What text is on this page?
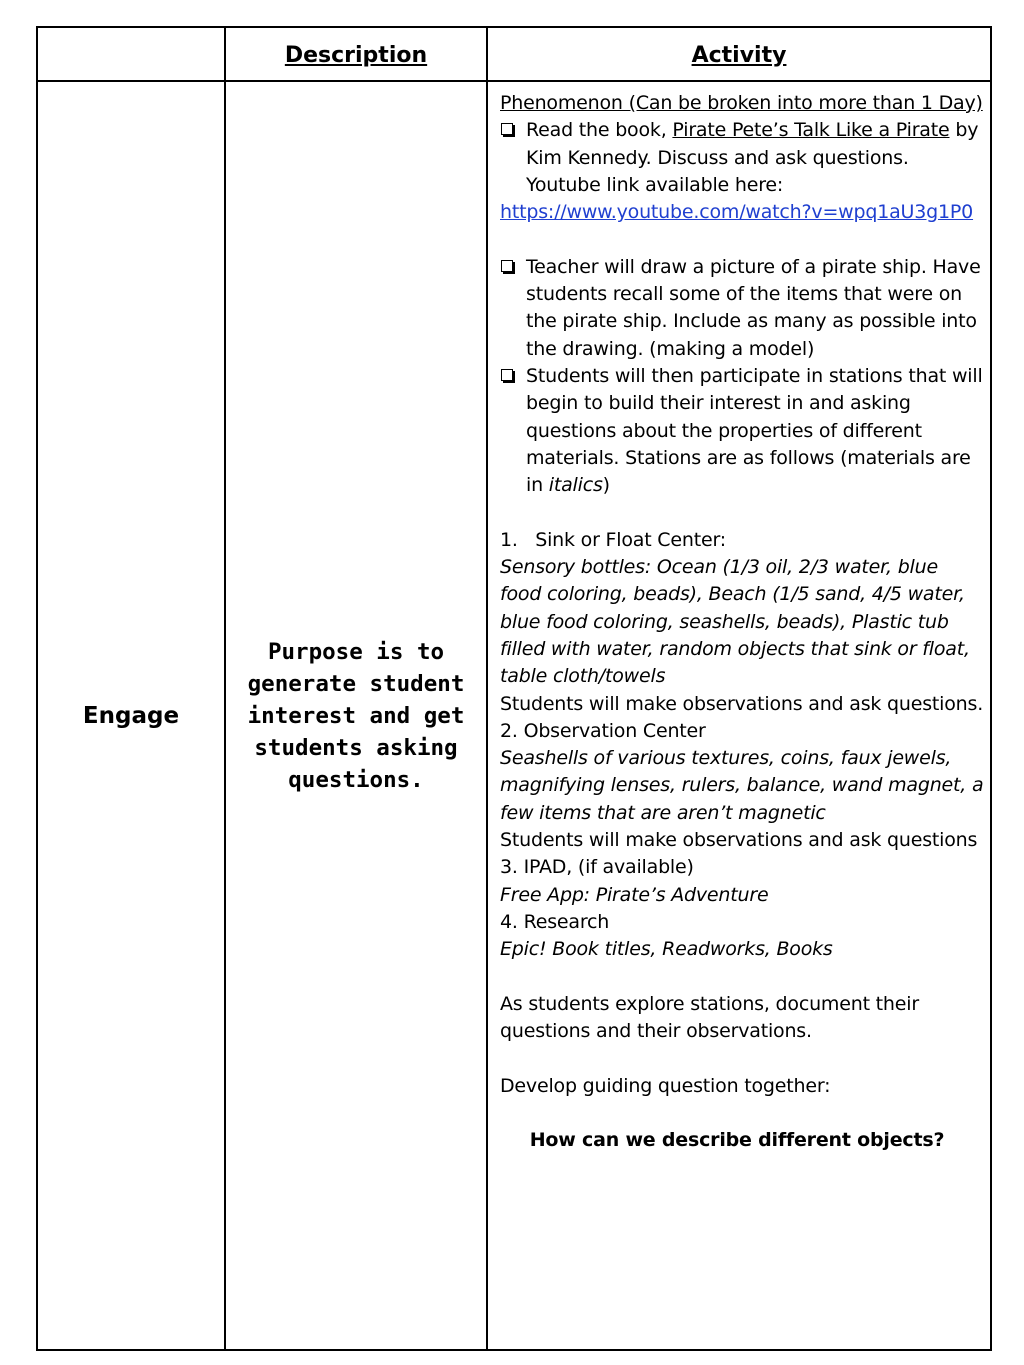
Description	Activity
Engage
Purpose is to generate student interest and get students asking questions.

Phenomenon (Can be broken into more than 1 Day)

Read the book, Pirate Pete’s Talk Like a Pirate by Kim Kennedy. Discuss and ask questions. Youtube link available here:

https://www.youtube.com/watch?v=wpq1aU3g1P0

Teacher will draw a picture of a pirate ship. Have students recall some of the items that were on the pirate ship. Include as many as possible into the drawing. (making a model)

Students will then participate in stations that will begin to build their interest in and asking questions about the properties of different materials. Stations are as follows (materials are in italics)

1.   Sink or Float Center:

Sensory bottles: Ocean (1/3 oil, 2/3 water, blue food coloring, beads), Beach (1/5 sand, 4/5 water, blue food coloring, seashells, beads), Plastic tub filled with water, random objects that sink or float, table cloth/towels

Students will make observations and ask questions.

2. Observation Center

Seashells of various textures, coins, faux jewels, magnifying lenses, rulers, balance, wand magnet, a few items that are aren’t magnetic

Students will make observations and ask questions

3. IPAD, (if available)

Free App: Pirate’s Adventure

4. Research

Epic! Book titles, Readworks, Books

As students explore stations, document their questions and their observations.

Develop guiding question together:

How can we describe different objects?
